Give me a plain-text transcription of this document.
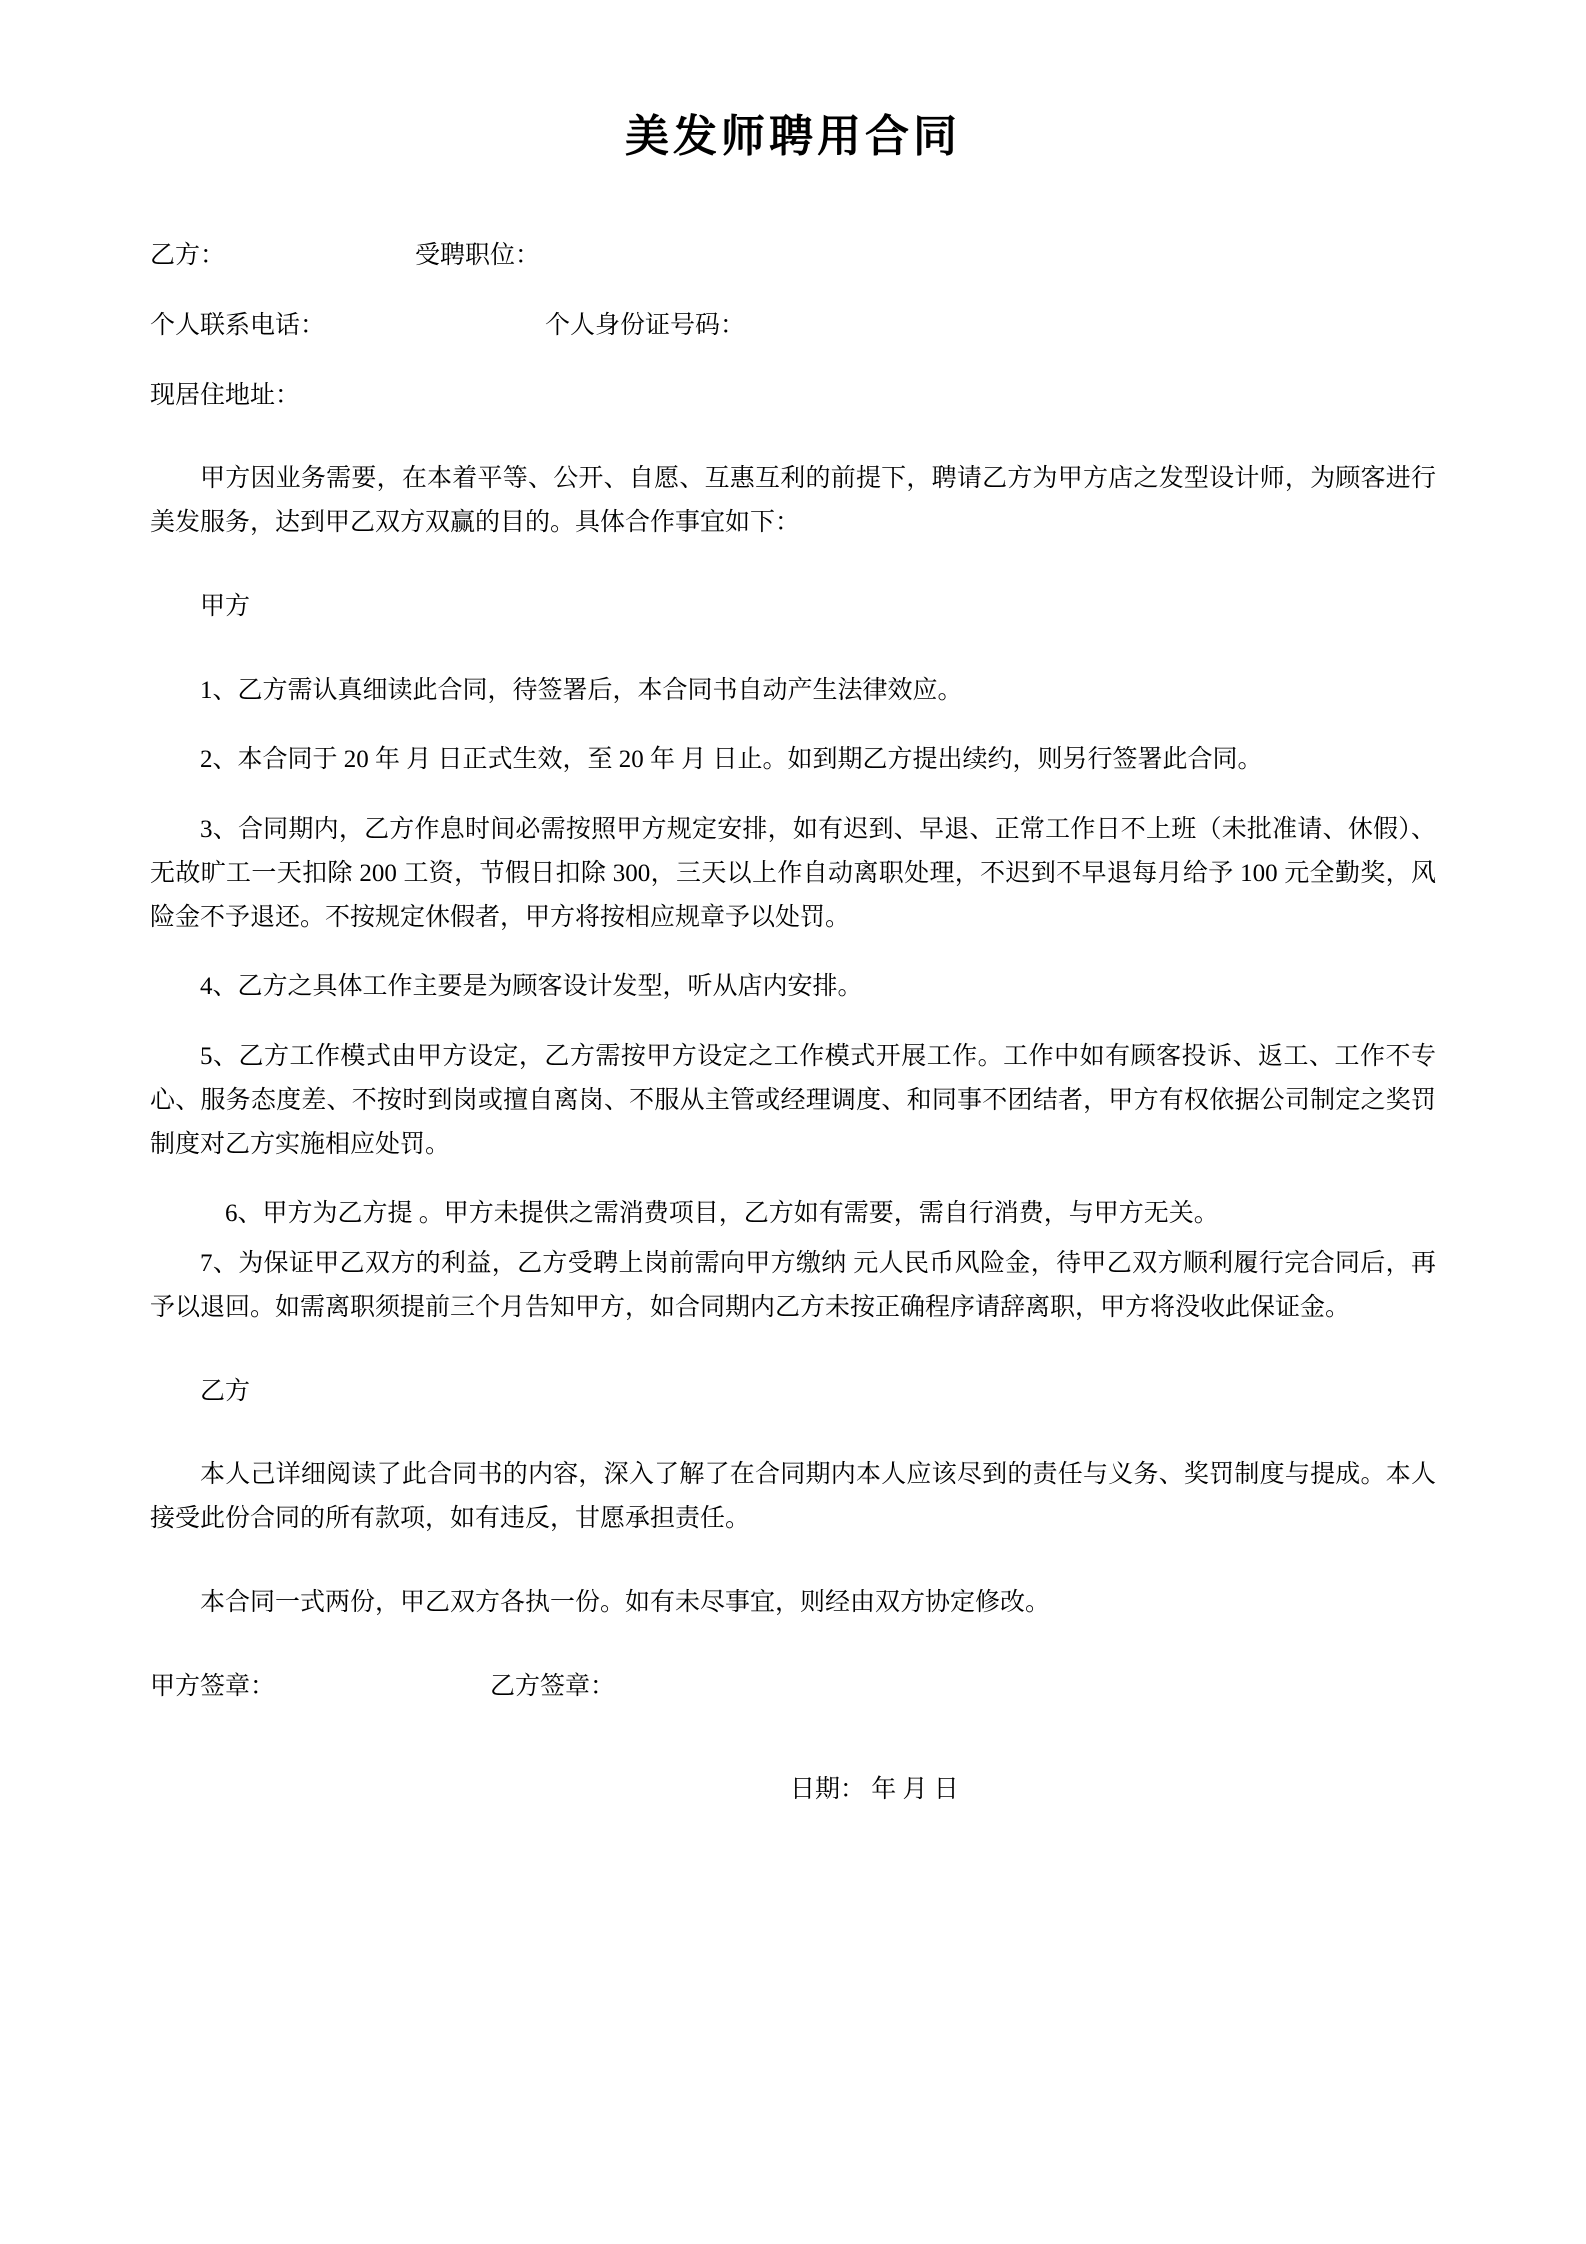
美发师聘用合同
乙方：	受聘职位：
个人联系电话：	个人身份证号码：
现居住地址：
甲方因业务需要，在本着平等、公开、自愿、互惠互利的前提下，聘请乙方为甲方店之发型设计师，为顾客进行美发服务，达到甲乙双方双赢的目的。具体合作事宜如下：
甲方
1、乙方需认真细读此合同，待签署后，本合同书自动产生法律效应。
2、本合同于 20 年 月 日正式生效，至 20 年 月 日止。如到期乙方提出续约，则另行签署此合同。
3、合同期内，乙方作息时间必需按照甲方规定安排，如有迟到、早退、正常工作日不上班（未批准请、休假）、无故旷工一天扣除 200 工资，节假日扣除 300，三天以上作自动离职处理，不迟到不早退每月给予 100 元全勤奖，风险金不予退还。不按规定休假者，甲方将按相应规章予以处罚。
4、乙方之具体工作主要是为顾客设计发型，听从店内安排。
5、乙方工作模式由甲方设定，乙方需按甲方设定之工作模式开展工作。工作中如有顾客投诉、返工、工作不专心、服务态度差、不按时到岗或擅自离岗、不服从主管或经理调度、和同事不团结者，甲方有权依据公司制定之奖罚制度对乙方实施相应处罚。
6、甲方为乙方提 。甲方未提供之需消费项目，乙方如有需要，需自行消费，与甲方无关。
7、为保证甲乙双方的利益，乙方受聘上岗前需向甲方缴纳 元人民币风险金，待甲乙双方顺利履行完合同后，再予以退回。如需离职须提前三个月告知甲方，如合同期内乙方未按正确程序请辞离职，甲方将没收此保证金。
乙方
本人己详细阅读了此合同书的内容，深入了解了在合同期内本人应该尽到的责任与义务、奖罚制度与提成。本人接受此份合同的所有款项，如有违反，甘愿承担责任。
本合同一式两份，甲乙双方各执一份。如有未尽事宜，则经由双方协定修改。
甲方签章：	乙方签章：
日期： 年 月 日
